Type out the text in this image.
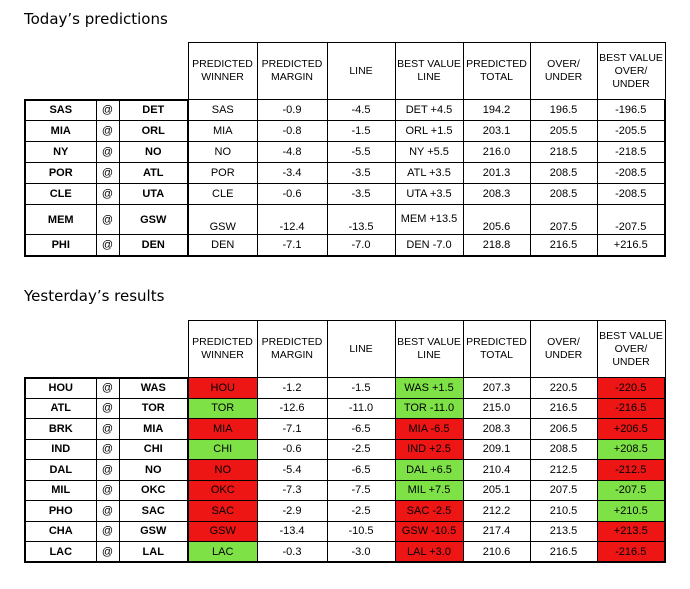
Today’s predictions
			PREDICTED WINNER	PREDICTED MARGIN	LINE	BEST VALUE LINE	PREDICTED TOTAL	OVER/ UNDER	BEST VALUE OVER/ UNDER
SAS	@	DET	SAS	-0.9	-4.5	DET +4.5	194.2	196.5	-196.5
MIA	@	ORL	MIA	-0.8	-1.5	ORL +1.5	203.1	205.5	-205.5
NY	@	NO	NO	-4.8	-5.5	NY +5.5	216.0	218.5	-218.5
POR	@	ATL	POR	-3.4	-3.5	ATL +3.5	201.3	208.5	-208.5
CLE	@	UTA	CLE	-0.6	-3.5	UTA +3.5	208.3	208.5	-208.5
MEM	@	GSW	GSW	-12.4	-13.5	MEM +13.5	205.6	207.5	-207.5
PHI	@	DEN	DEN	-7.1	-7.0	DEN -7.0	218.8	216.5	+216.5
Yesterday’s results
			PREDICTED WINNER	PREDICTED MARGIN	LINE	BEST VALUE LINE	PREDICTED TOTAL	OVER/ UNDER	BEST VALUE OVER/ UNDER
HOU	@	WAS	HOU	-1.2	-1.5	WAS +1.5	207.3	220.5	-220.5
ATL	@	TOR	TOR	-12.6	-11.0	TOR -11.0	215.0	216.5	-216.5
BRK	@	MIA	MIA	-7.1	-6.5	MIA -6.5	208.3	206.5	+206.5
IND	@	CHI	CHI	-0.6	-2.5	IND +2.5	209.1	208.5	+208.5
DAL	@	NO	NO	-5.4	-6.5	DAL +6.5	210.4	212.5	-212.5
MIL	@	OKC	OKC	-7.3	-7.5	MIL +7.5	205.1	207.5	-207.5
PHO	@	SAC	SAC	-2.9	-2.5	SAC -2.5	212.2	210.5	+210.5
CHA	@	GSW	GSW	-13.4	-10.5	GSW -10.5	217.4	213.5	+213.5
LAC	@	LAL	LAC	-0.3	-3.0	LAL +3.0	210.6	216.5	-216.5
